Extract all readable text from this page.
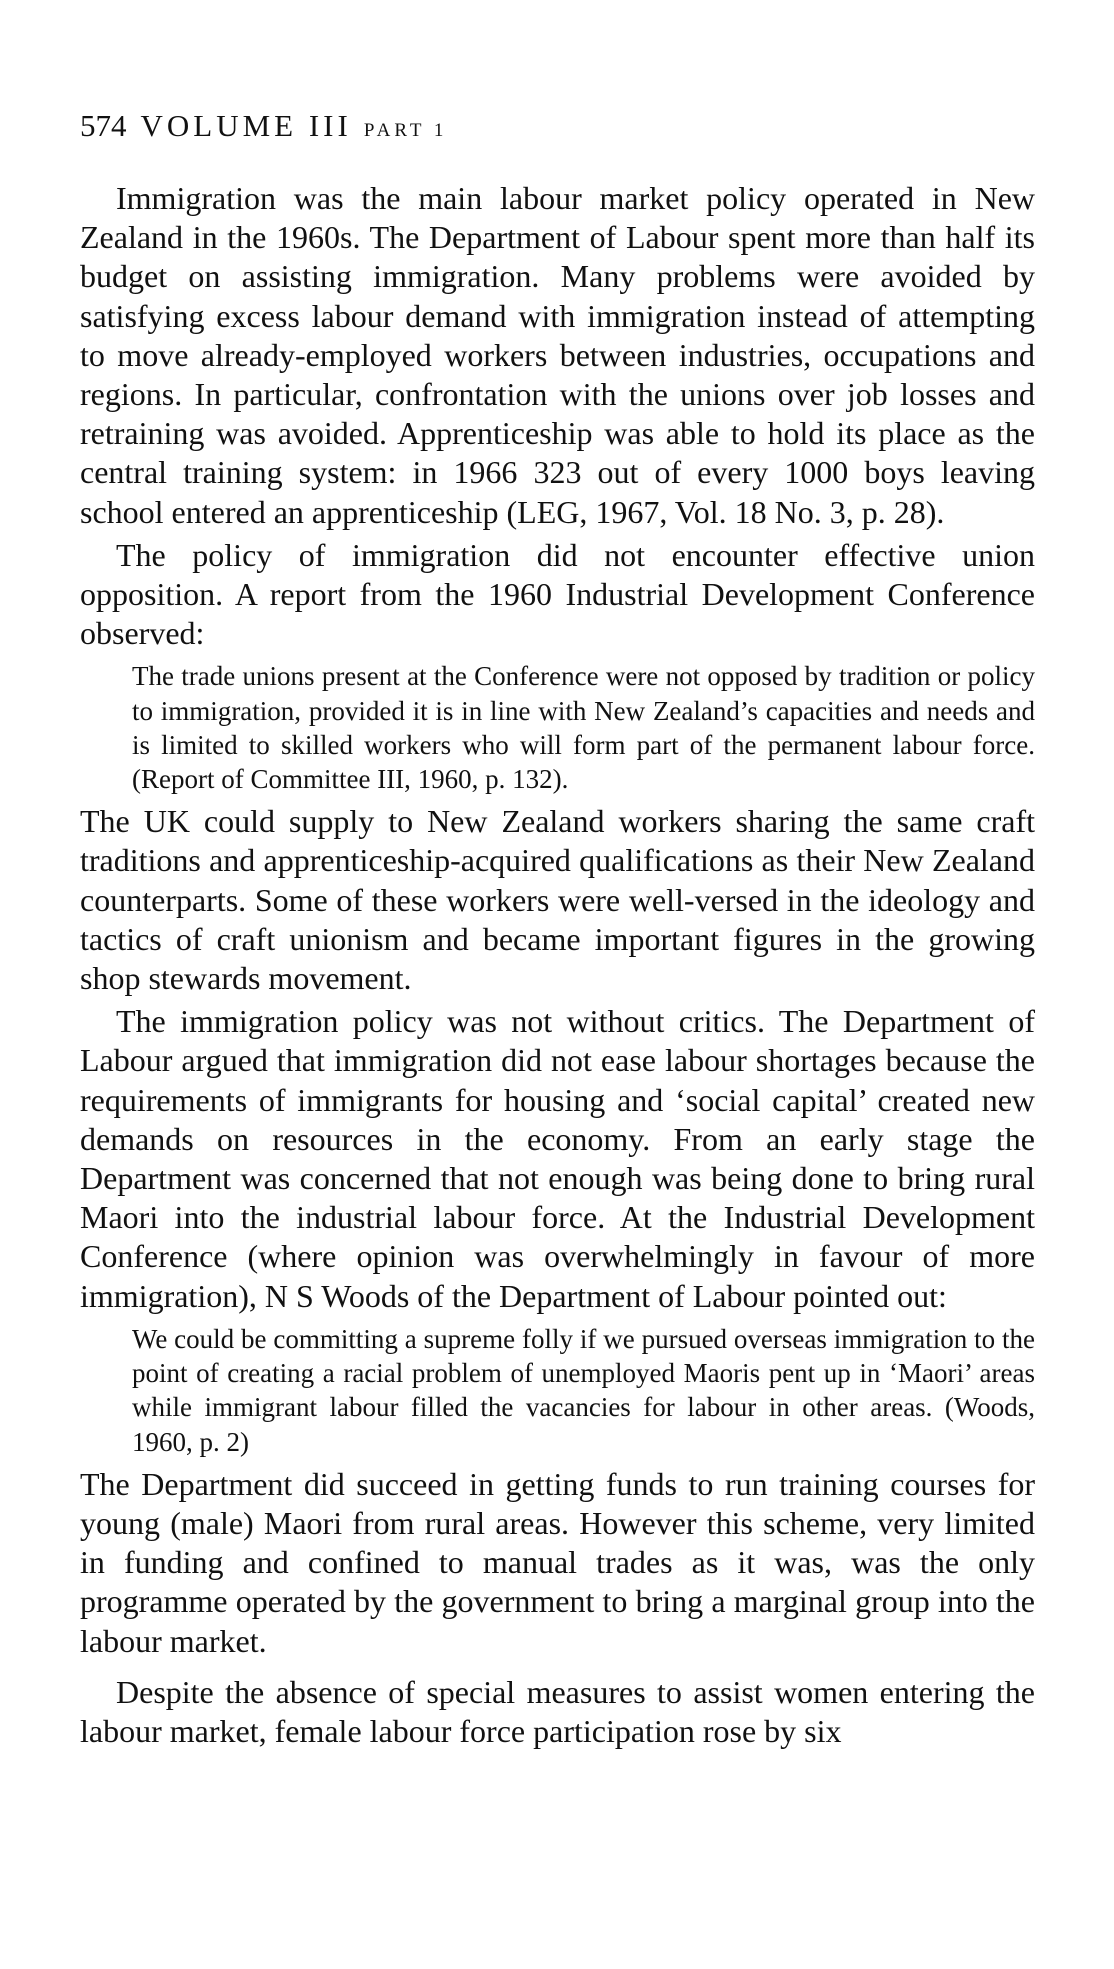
574 VOLUME III PART 1

Immigration was the main labour market policy operated in New Zealand in the 1960s. The Department of Labour spent more than half its budget on assisting immigration. Many problems were avoided by satisfying excess labour demand with immigration instead of attempting to move already-employed workers between industries, occupations and regions. In particular, confrontation with the unions over job losses and retraining was avoided. Apprenticeship was able to hold its place as the central training system: in 1966 323 out of every 1000 boys leaving school entered an apprenticeship (LEG, 1967, Vol. 18 No. 3, p. 28).

The policy of immigration did not encounter effective union opposition. A report from the 1960 Industrial Development Conference observed:

The trade unions present at the Conference were not opposed by tradition or policy to immigration, provided it is in line with New Zealand’s capacities and needs and is limited to skilled workers who will form part of the permanent labour force. (Report of Committee III, 1960, p. 132).

The UK could supply to New Zealand workers sharing the same craft traditions and apprenticeship-acquired qualifications as their New Zealand counterparts. Some of these workers were well-versed in the ideology and tactics of craft unionism and became important figures in the growing shop stewards movement.

The immigration policy was not without critics. The Department of Labour argued that immigration did not ease labour shortages because the requirements of immigrants for housing and ‘social capital’ created new demands on resources in the economy. From an early stage the Department was concerned that not enough was being done to bring rural Maori into the industrial labour force. At the Industrial Development Conference (where opinion was overwhelmingly in favour of more immigration), N S Woods of the Department of Labour pointed out:

We could be committing a supreme folly if we pursued overseas immigration to the point of creating a racial problem of unemployed Maoris pent up in ‘Maori’ areas while immigrant labour filled the vacancies for labour in other areas. (Woods, 1960, p. 2)

The Department did succeed in getting funds to run training courses for young (male) Maori from rural areas. However this scheme, very limited in funding and confined to manual trades as it was, was the only programme operated by the government to bring a marginal group into the labour market.

Despite the absence of special measures to assist women entering the labour market, female labour force participation rose by six
